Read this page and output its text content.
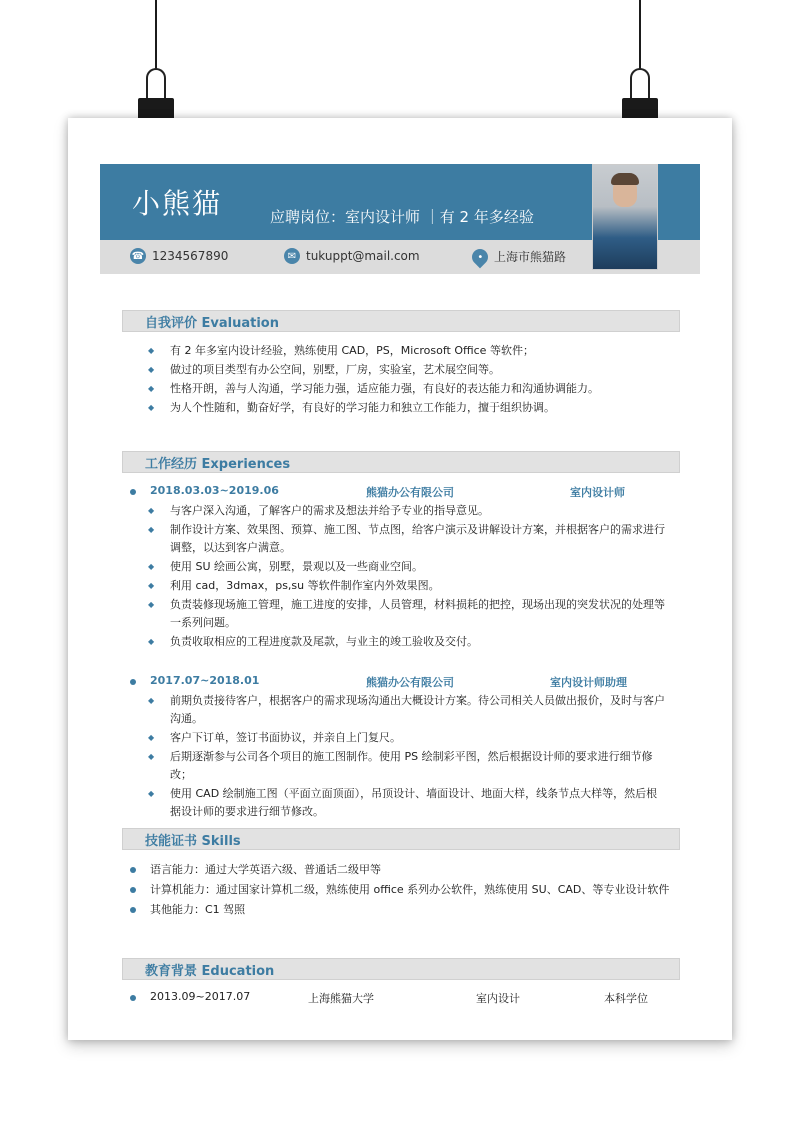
小熊猫	应聘岗位：室内设计师 ｜有 2 年多经验
☎ 1234567890	✉ tukuppt@mail.com	• 上海市熊猫路
自我评价 Evaluation
◆ 有 2 年多室内设计经验，熟练使用 CAD，PS，Microsoft Office 等软件；
◆ 做过的项目类型有办公空间，别墅，厂房，实验室，艺术展空间等。
◆ 性格开朗，善与人沟通，学习能力强，适应能力强，有良好的表达能力和沟通协调能力。
◆ 为人个性随和，勤奋好学，有良好的学习能力和独立工作能力，擅于组织协调。
工作经历 Experiences
2018.03.03~2019.06	熊猫办公有限公司	室内设计师
◆ 与客户深入沟通，了解客户的需求及想法并给予专业的指导意见。
◆ 制作设计方案、效果图、预算、施工图、节点图，给客户演示及讲解设计方案，并根据客户的需求进行调整，以达到客户满意。
◆ 使用 SU 绘画公寓，别墅，景观以及一些商业空间。
◆ 利用 cad，3dmax，ps,su 等软件制作室内外效果图。
◆ 负责装修现场施工管理，施工进度的安排，人员管理，材料损耗的把控，现场出现的突发状况的处理等一系列问题。
◆ 负责收取相应的工程进度款及尾款，与业主的竣工验收及交付。
2017.07~2018.01	熊猫办公有限公司	室内设计师助理
◆ 前期负责接待客户，根据客户的需求现场沟通出大概设计方案。待公司相关人员做出报价，及时与客户沟通。
◆ 客户下订单，签订书面协议，并亲自上门复尺。
◆ 后期逐渐参与公司各个项目的施工图制作。使用 PS 绘制彩平图，然后根据设计师的要求进行细节修改；
◆ 使用 CAD 绘制施工图（平面立面顶面），吊顶设计、墙面设计、地面大样，线条节点大样等，然后根据设计师的要求进行细节修改。
技能证书 Skills
语言能力：通过大学英语六级、普通话二级甲等
计算机能力：通过国家计算机二级，熟练使用 office 系列办公软件，熟练使用 SU、CAD、等专业设计软件
其他能力：C1 驾照
教育背景 Education
2013.09~2017.07	上海熊猫大学	室内设计	本科学位
